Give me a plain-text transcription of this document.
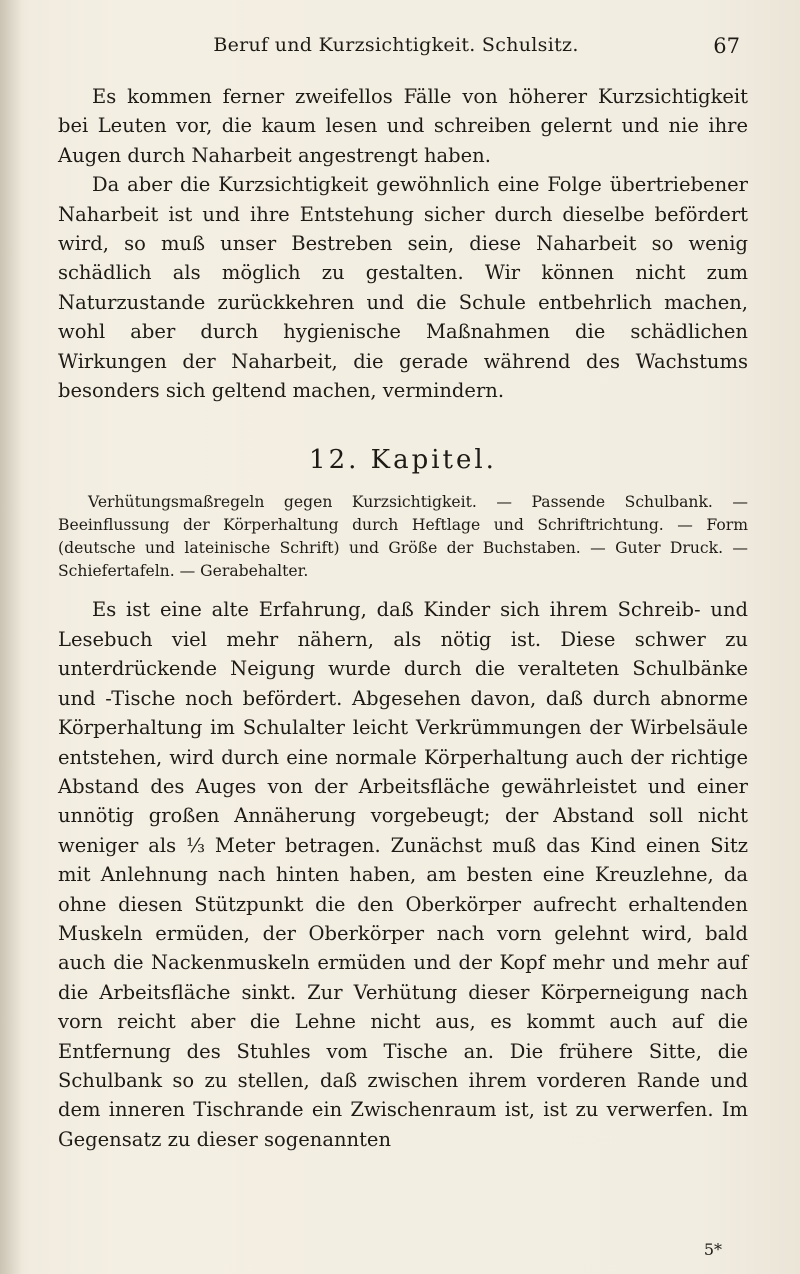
Beruf und Kurzsichtigkeit. Schulsitz.	67

Es kommen ferner zweifellos Fälle von höherer Kurzsichtigkeit bei Leuten vor, die kaum lesen und schreiben gelernt und nie ihre Augen durch Naharbeit angestrengt haben.

Da aber die Kurzsichtigkeit gewöhnlich eine Folge übertriebener Naharbeit ist und ihre Entstehung sicher durch dieselbe befördert wird, so muß unser Bestreben sein, diese Naharbeit so wenig schädlich als möglich zu gestalten. Wir können nicht zum Naturzustande zurückkehren und die Schule entbehrlich machen, wohl aber durch hygienische Maßnahmen die schädlichen Wirkungen der Naharbeit, die gerade während des Wachstums besonders sich geltend machen, vermindern.

12. Kapitel.
Verhütungsmaßregeln gegen Kurzsichtigkeit. — Passende Schulbank. — Beeinflussung der Körperhaltung durch Heftlage und Schriftrichtung. — Form (deutsche und lateinische Schrift) und Größe der Buchstaben. — Guter Druck. — Schiefertafeln. — Gerabehalter.

Es ist eine alte Erfahrung, daß Kinder sich ihrem Schreib- und Lesebuch viel mehr nähern, als nötig ist. Diese schwer zu unterdrückende Neigung wurde durch die veralteten Schulbänke und -Tische noch befördert. Abgesehen davon, daß durch abnorme Körperhaltung im Schulalter leicht Verkrümmungen der Wirbelsäule entstehen, wird durch eine normale Körperhaltung auch der richtige Abstand des Auges von der Arbeitsfläche gewährleistet und einer unnötig großen Annäherung vorgebeugt; der Abstand soll nicht weniger als ⅓ Meter betragen. Zunächst muß das Kind einen Sitz mit Anlehnung nach hinten haben, am besten eine Kreuzlehne, da ohne diesen Stützpunkt die den Oberkörper aufrecht erhaltenden Muskeln ermüden, der Oberkörper nach vorn gelehnt wird, bald auch die Nackenmuskeln ermüden und der Kopf mehr und mehr auf die Arbeitsfläche sinkt. Zur Verhütung dieser Körperneigung nach vorn reicht aber die Lehne nicht aus, es kommt auch auf die Entfernung des Stuhles vom Tische an. Die frühere Sitte, die Schulbank so zu stellen, daß zwischen ihrem vorderen Rande und dem inneren Tischrande ein Zwischenraum ist, ist zu verwerfen. Im Gegensatz zu dieser sogenannten

5*
